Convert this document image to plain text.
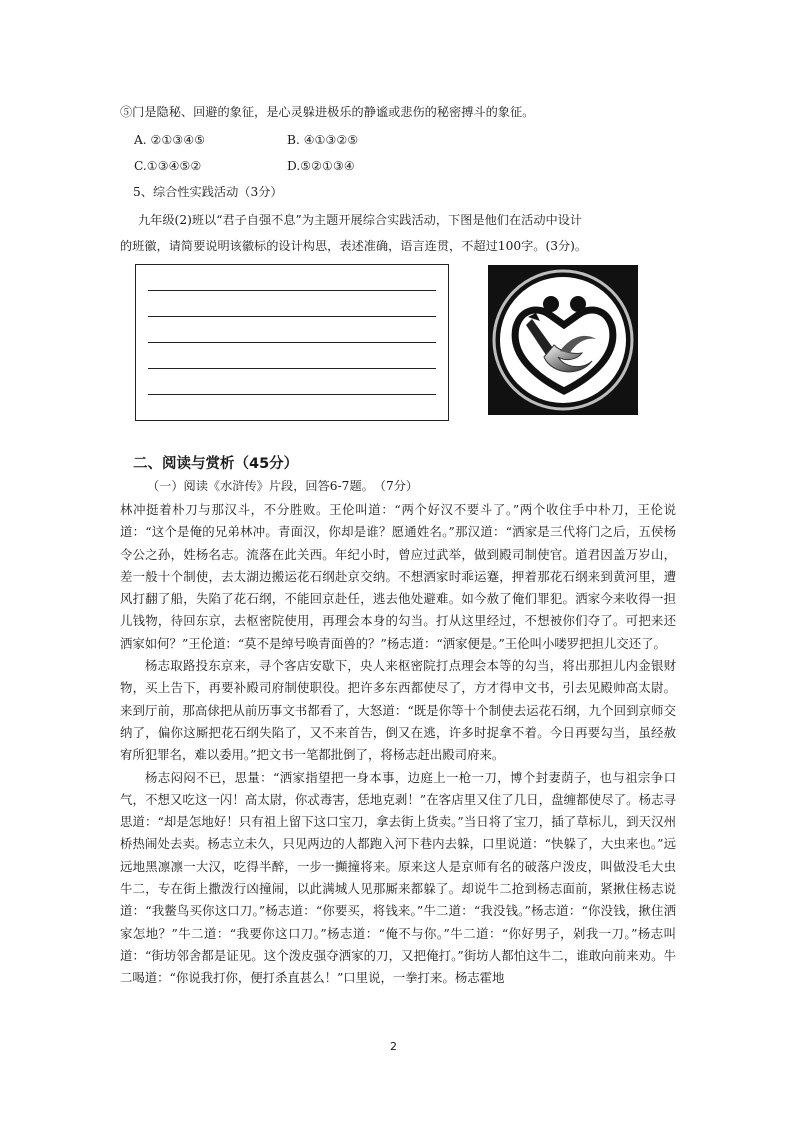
⑤门是隐秘、回避的象征，是心灵躲进极乐的静谧或悲伤的秘密搏斗的象征。
A. ②①③④⑤	B. ④①③②⑤
C.①③④⑤②	D.⑤②①③④
5、综合性实践活动（3分）
九年级(2)班以“君子自强不息”为主题开展综合实践活动，下图是他们在活动中设计
的班徽，请简要说明该徽标的设计构思，表述准确，语言连贯，不超过100字。(3分)。
二、阅读与赏析（45分）
（一）阅读《水浒传》片段，回答6-7题。　（7分）

林冲挺着朴刀与那汉斗，不分胜败。王伦叫道：“两个好汉不要斗了。”两个收住手中朴刀，王伦说道：“这个是俺的兄弟林冲。青面汉，你却是谁？愿通姓名。”那汉道：“洒家是三代将门之后，五侯杨令公之孙，姓杨名志。流落在此关西。年纪小时，曾应过武举，做到殿司制使官。道君因盖万岁山，差一般十个制使，去太湖边搬运花石纲赴京交纳。不想洒家时乖运蹇，押着那花石纲来到黄河里，遭风打翻了船，失陷了花石纲，不能回京赴任，逃去他处避难。如今赦了俺们罪犯。洒家今来收得一担儿钱物，待回东京，去枢密院使用，再理会本身的勾当。打从这里经过，不想被你们夺了。可把来还洒家如何？”王伦道：“莫不是绰号唤青面兽的？”杨志道：“洒家便是。”王伦叫小喽罗把担儿交还了。

杨志取路投东京来，寻个客店安歇下，央人来枢密院打点理会本等的勾当，将出那担儿内金银财物，买上告下，再要补殿司府制使职役。把许多东西都使尽了，方才得申文书，引去见殿帅高太尉。来到厅前，那高俅把从前历事文书都看了，大怒道：“既是你等十个制使去运花石纲，九个回到京师交纳了，偏你这厮把花石纲失陷了，又不来首告，倒又在逃，许多时捉拿不着。今日再要勾当，虽经赦宥所犯罪名，难以委用。”把文书一笔都批倒了，将杨志赶出殿司府来。

杨志闷闷不已，思量：“洒家指望把一身本事，边庭上一枪一刀，博个封妻荫子，也与祖宗争口气，不想又吃这一闪！高太尉，你忒毒害，恁地克剥！”在客店里又住了几日，盘缠都使尽了。杨志寻思道：“却是怎地好！只有祖上留下这口宝刀，拿去街上货卖。”当日将了宝刀，插了草标儿，到天汉州桥热闹处去卖。杨志立未久，只见两边的人都跑入河下巷内去躲，口里说道：“快躲了，大虫来也。”远远地黑凛凛一大汉，吃得半醉，一步一攧撞将来。原来这人是京师有名的破落户泼皮，叫做没毛大虫牛二，专在街上撒泼行凶撞闹，以此满城人见那厮来都躲了。却说牛二抢到杨志面前，紧揪住杨志说道：“我鳖鸟买你这口刀。”杨志道：“你要买，将钱来。”牛二道：“我没钱。”杨志道：“你没钱，揪住洒家怎地？”牛二道：“我要你这口刀。”杨志道：“俺不与你。”牛二道：“你好男子，剁我一刀。”杨志叫道：“街坊邻舍都是证见。这个泼皮强夺洒家的刀，又把俺打。”街坊人都怕这牛二，谁敢向前来劝。牛二喝道：“你说我打你，便打杀直甚么！”口里说，一拳打来。杨志霍地

2
